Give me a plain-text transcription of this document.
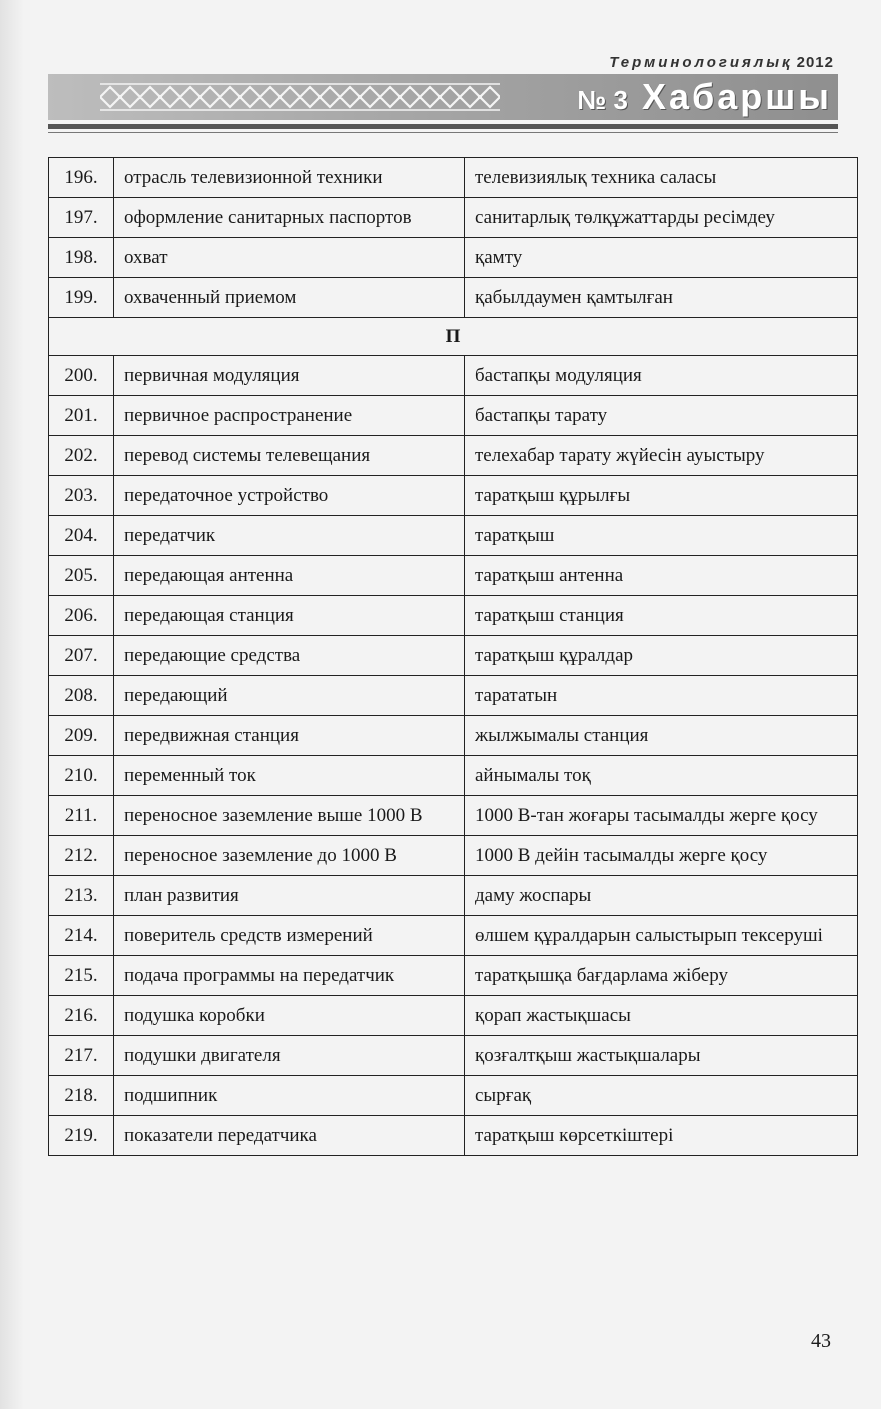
Терминологиялық 2012
№ 3 Хабаршы
196.	отрасль телевизионной техники	телевизиялық техника саласы
197.	оформление санитарных паспортов	санитарлық төлқұжаттарды ресімдеу
198.	охват	қамту
199.	охваченный приемом	қабылдаумен қамтылған
П		
200.	первичная модуляция	бастапқы модуляция
201.	первичное распространение	бастапқы тарату
202.	перевод системы телевещания	телехабар тарату жүйесін ауыстыру
203.	передаточное устройство	таратқыш құрылғы
204.	передатчик	таратқыш
205.	передающая антенна	таратқыш антенна
206.	передающая станция	таратқыш станция
207.	передающие средства	таратқыш құралдар
208.	передающий	тарататын
209.	передвижная станция	жылжымалы станция
210.	переменный ток	айнымалы тоқ
211.	переносное заземление выше 1000 В	1000 В-тан жоғары тасымалды жерге қосу
212.	переносное заземление до 1000 В	1000 В дейін тасымалды жерге қосу
213.	план развития	даму жоспары
214.	поверитель средств измерений	өлшем құралдарын салыстырып тексеруші
215.	подача программы на передатчик	таратқышқа бағдарлама жіберу
216.	подушка коробки	қорап жастықшасы
217.	подушки двигателя	қозғалтқыш жастықшалары
218.	подшипник	сырғақ
219.	показатели передатчика	таратқыш көрсеткіштері
43
